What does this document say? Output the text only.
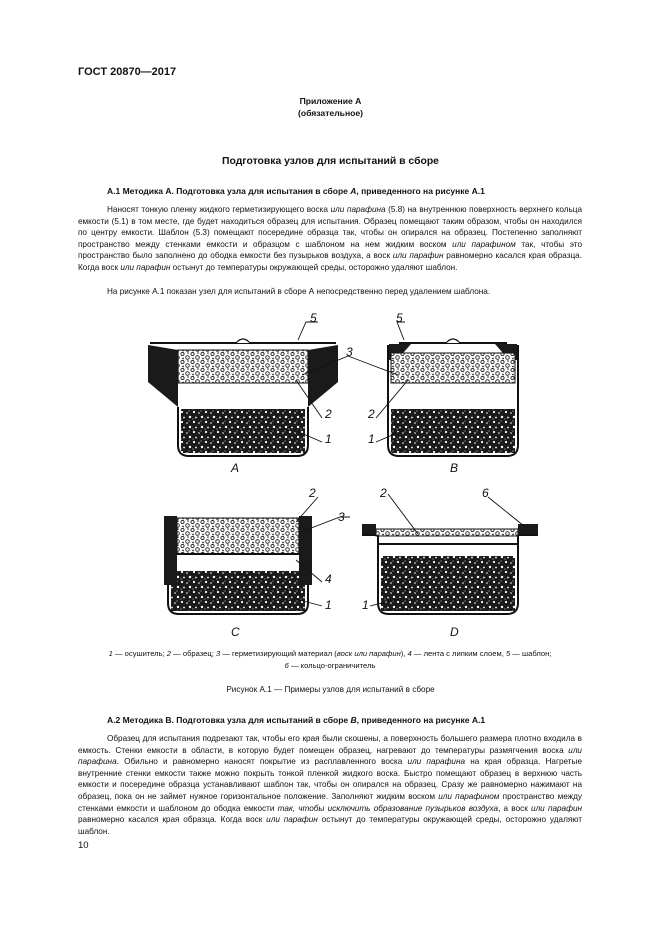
ГОСТ 20870—2017
Приложение А
(обязательное)
Подготовка узлов для испытаний в сборе
А.1 Методика А. Подготовка узла для испытания в сборе А, приведенного на рисунке А.1
Наносят тонкую пленку жидкого герметизирующего воска или парафина (5.8) на внутреннюю поверхность верхнего кольца емкости (5.1) в том месте, где будет находиться образец для испытания. Образец помещают таким образом, чтобы он находился по центру емкости. Шаблон (5.3) помещают посередине образца так, чтобы он опирался на образец. Постепенно заполняют пространство между стенками емкости и образцом с шаблоном на нем жидким воском или парафином так, чтобы это пространство было заполнено до ободка емкости без пузырьков воздуха, а воск или парафин равномерно касался края образца. Когда воск или парафин остынут до температуры окружающей среды, осторожно удаляют шаблон.
На рисунке А.1 показан узел для испытаний в сборе А непосредственно перед удалением шаблона.
5	5
3
2
1
2
1
2
3
4
1
2	6
1
А	В
С	D
1 — осушитель; 2 — образец; 3 — герметизирующий материал (воск или парафин), 4 — лента с липким слоем, 5 — шаблон;
6 — кольцо-ограничитель
Рисунок А.1 — Примеры узлов для испытаний в сборе
А.2 Методика В. Подготовка узла для испытаний в сборе В, приведенного на рисунке А.1
Образец для испытания подрезают так, чтобы его края были скошены, а поверхность большего размера плотно входила в емкость. Стенки емкости в области, в которую будет помещен образец, нагревают до температуры размягчения воска или парафина. Обильно и равномерно наносят покрытие из расплавленного воска или парафина на края образца. Нагретые внутренние стенки емкости также можно покрыть тонкой пленкой жидкого воска. Быстро помещают образец в верхнюю часть емкости и посередине образца устанавливают шаблон так, чтобы он опирался на образец. Сразу же равномерно нажимают на образец, пока он не займет нужное горизонтальное положение. Заполняют жидким воском или парафином пространство между стенками емкости и шаблоном до ободка емкости так, чтобы исключить образование пузырьков воздуха, а воск или парафин равномерно касался края образца. Когда воск или парафин остынут до температуры окружающей среды, осторожно удаляют шаблон.
10
